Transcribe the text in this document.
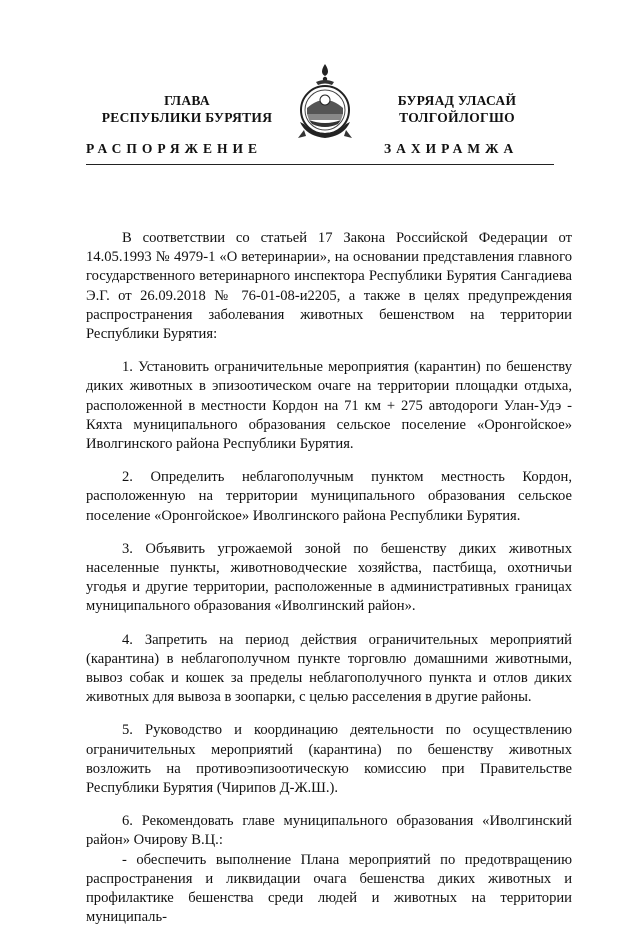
ГЛАВА
РЕСПУБЛИКИ БУРЯТИЯ
БУРЯАД УЛАСАЙ
ТОЛГОЙЛОГШО
РАСПОРЯЖЕНИЕ	ЗАХИРАМЖА

В соответствии со статьей 17 Закона Российской Федерации от 14.05.1993 № 4979-1 «О ветеринарии», на основании представления главного государственного ветеринарного инспектора Республики Бурятия Сангадиева Э.Г. от 26.09.2018 № 76-01-08-и2205, а также в целях предупреждения распространения заболевания животных бешенством на территории Республики Бурятия:

1. Установить ограничительные мероприятия (карантин) по бешенству диких животных в эпизоотическом очаге на территории площадки отдыха, расположенной в местности Кордон на 71 км + 275 автодороги Улан-Удэ - Кяхта муниципального образования сельское поселение «Оронгойское» Иволгинского района Республики Бурятия.

2. Определить неблагополучным пунктом местность Кордон, расположенную на территории муниципального образования сельское поселение «Оронгойское» Иволгинского района Республики Бурятия.

3. Объявить угрожаемой зоной по бешенству диких животных населенные пункты, животноводческие хозяйства, пастбища, охотничьи угодья и другие территории, расположенные в административных границах муниципального образования «Иволгинский район».

4. Запретить на период действия ограничительных мероприятий (карантина) в неблагополучном пункте торговлю домашними животными, вывоз собак и кошек за пределы неблагополучного пункта и отлов диких животных для вывоза в зоопарки, с целью расселения в другие районы.

5. Руководство и координацию деятельности по осуществлению ограничительных мероприятий (карантина) по бешенству животных возложить на противоэпизоотическую комиссию при Правительстве Республики Бурятия (Чирипов Д-Ж.Ш.).

6. Рекомендовать главе муниципального образования «Иволгинский район» Очирову В.Ц.:

- обеспечить выполнение Плана мероприятий по предотвращению распространения и ликвидации очага бешенства диких животных и профилактике бешенства среди людей и животных на территории муниципаль-
